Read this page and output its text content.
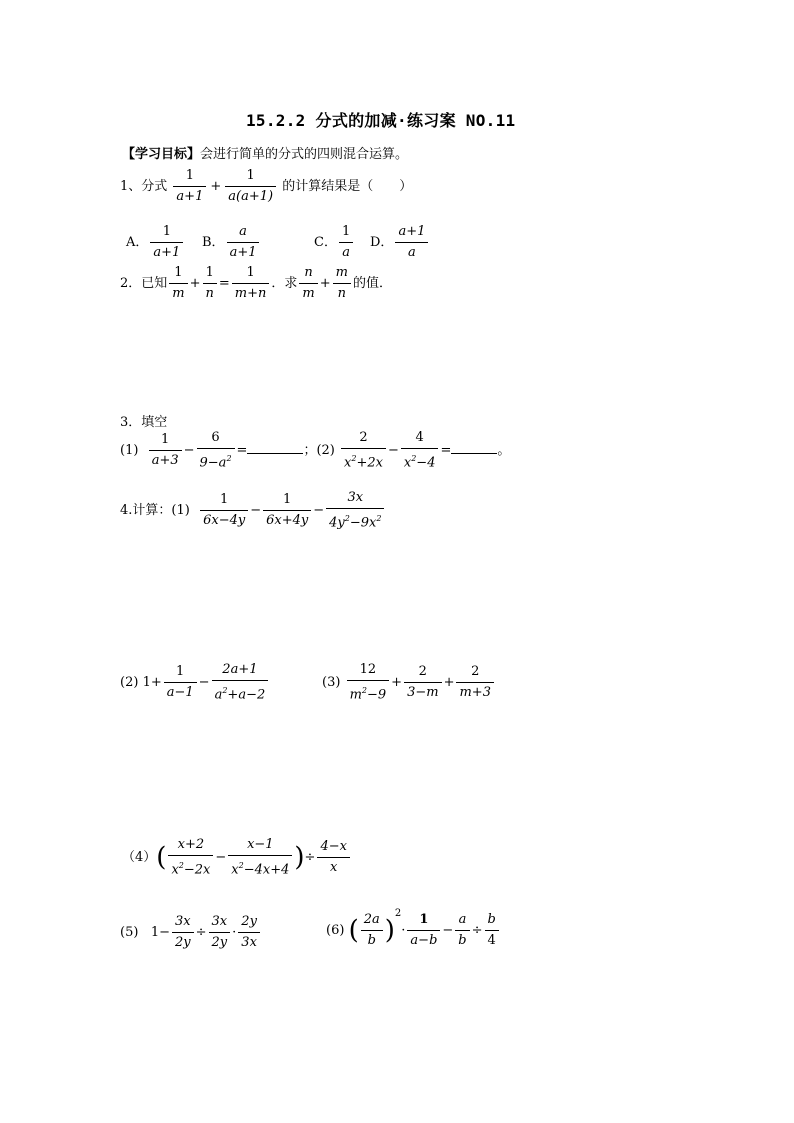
15.2.2 分式的加减·练习案 NO.11
【学习目标】会进行简单的分式的四则混合运算。
1、分式 $\frac{1}{a+1} + \frac{1}{a(a+1)}$ 的计算结果是（　　）
A． $\frac{1}{a+1}$ B． $\frac{a}{a+1}$	C． $\frac{1}{a}$ D． $\frac{a+1}{a}$
2．已知 $\frac{1}{m} + \frac{1}{n} = \frac{1}{m+n}$ ．求 $\frac{n}{m} + \frac{m}{n}$ 的值．
3．填空
$(1) \frac{1}{a+3} - \frac{6}{9-a^2}$ =	；$(2) \frac{2}{x^2+2x} - \frac{4}{x^2-4}$ =	。
4.计算：$(1) \frac{1}{6x-4y} - \frac{1}{6x+4y} - \frac{3x}{4y^2-9x^2}$
(2) $1+ \frac{1}{a-1} - \frac{2a+1}{a^2+a-2}$	$(3) \frac{12}{m^2-9} + \frac{2}{3-m} + \frac{2}{m+3}$
$(4)( \frac{x+2}{x^2-2x} - \frac{x-1}{x^2-4x+4}$ )÷ $\frac{4-x}{x}$
(5) $1- \frac{3x}{2y} \div \frac{3x}{2y} \cdot \frac{2y}{3x}$	(6) ( $\frac{2a}{b} )^2\cdot \frac{1}{a-b} - \frac{a}{b} \div \frac{b}{4}$
